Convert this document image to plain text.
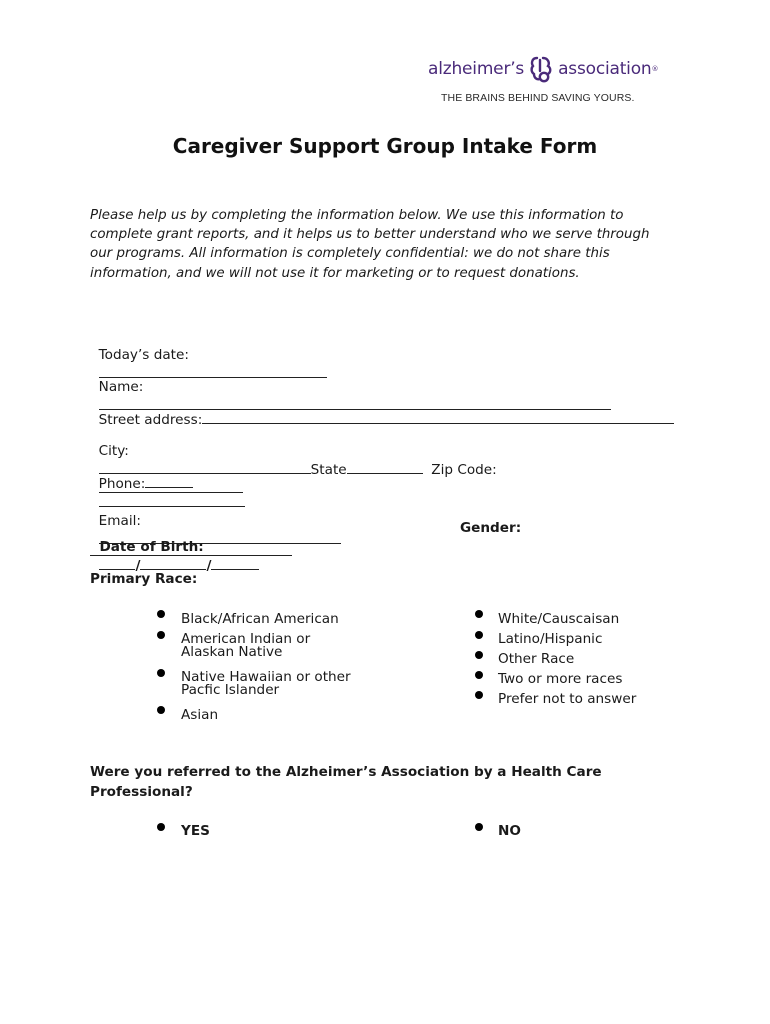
alzheimer’s association ®
THE BRAINS BEHIND SAVING YOURS.
Caregiver Support Group Intake Form

Please help us by completing the information below. We use this information to
complete grant reports, and it helps us to better understand who we serve through
our programs. All information is completely confidential: we do not share this
information, and we will not use it for marketing or to request donations.

Today’s date:

Name:

Street address:

City:
State	Zip Code:

Phone:

Email:

Date of Birth:
/	/

Gender:
Primary Race:
Black/African American
American Indian or
Alaskan Native
Native Hawaiian or other
Pacfic Islander
Asian
White/Causcaisan
Latino/Hispanic
Other Race
Two or more races
Prefer not to answer

Were you referred to the Alzheimer’s Association by a Health Care Professional?

YES	NO
